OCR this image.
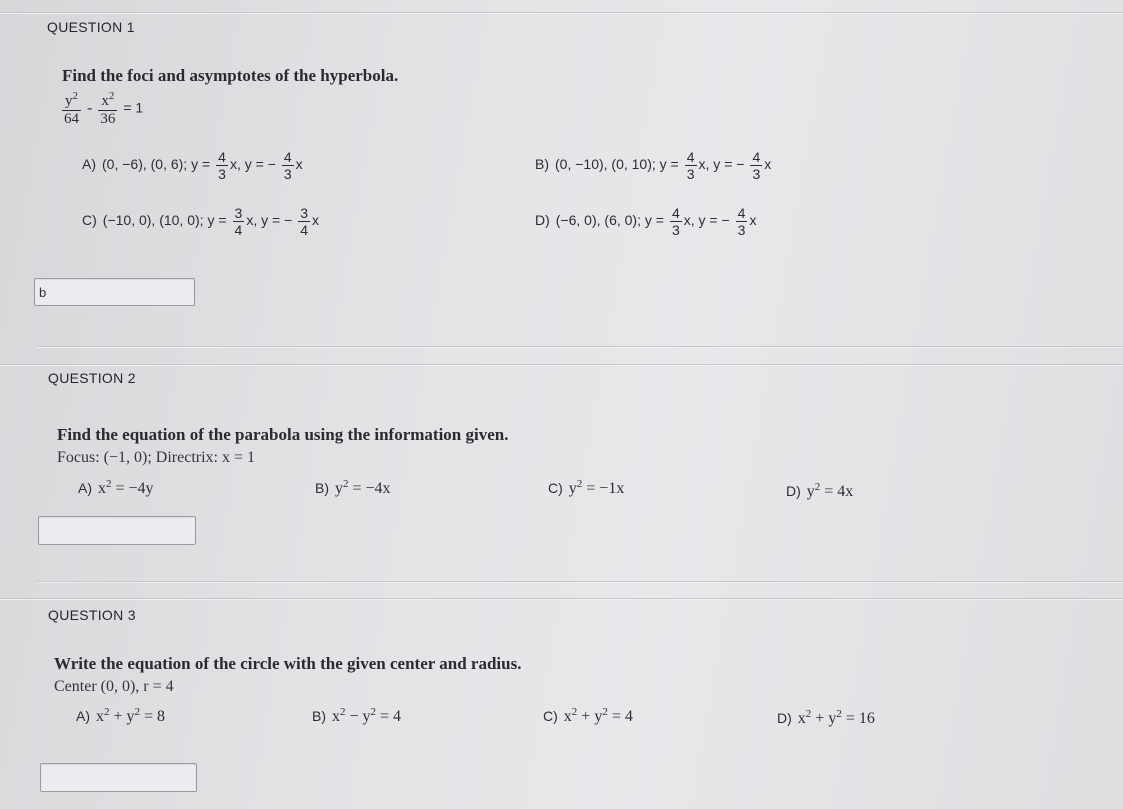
QUESTION 1
Find the foci and asymptotes of the hyperbola.
$\frac{y^2}{64} - \frac{x^2}{36} = 1$
A) (0, −6), (0, 6); $y = \frac{4}{3} x$, y = − $\frac{4}{3}$ x	B) (0, −10), (0, 10); $y = \frac{4}{3} x$, y = − $\frac{4}{3}$ x
C) (−10, 0), (10, 0); $y = \frac{3}{4} x$, y = − $\frac{3}{4}$ x	D) (−6, 0), (6, 0); $y = \frac{4}{3} x$, y = − $\frac{4}{3}$ x
b
QUESTION 2
Find the equation of the parabola using the information given.
Focus: (−1, 0); Directrix: x = 1
A) $x^2 = -4y$	B) $y^2 = -4x$	C) $y^2 = -1x$	D) $y^2 = 4x$
QUESTION 3
Write the equation of the circle with the given center and radius.
Center (0, 0), r = 4
A) $x^2 + y^2 = 8$	B) $x^2 - y^2 = 4$	C) $x^2 + y^2 = 4$	D) $x^2 + y^2 = 16$
